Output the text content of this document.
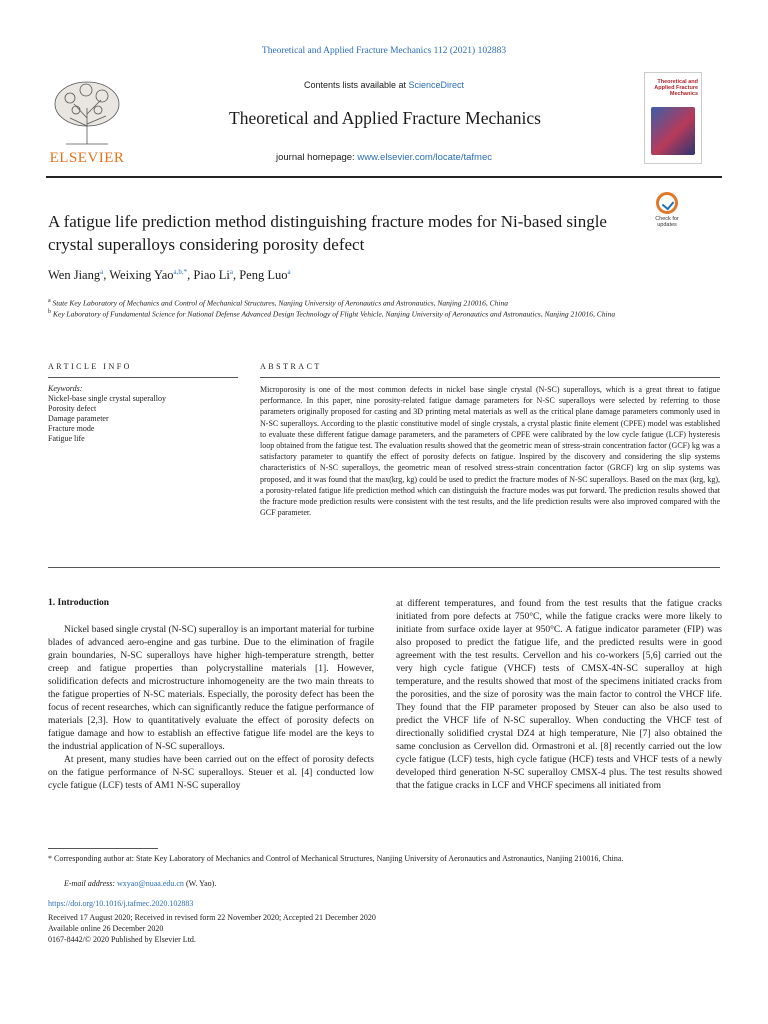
Theoretical and Applied Fracture Mechanics 112 (2021) 102883
ELSEVIER
Contents lists available at ScienceDirect
Theoretical and Applied Fracture Mechanics
journal homepage: www.elsevier.com/locate/tafmec
Theoretical and Applied Fracture Mechanics
A fatigue life prediction method distinguishing fracture modes for Ni-based single crystal superalloys considering porosity defect
Check for updates
Wen Jiang$^a$, Weixing Yao$^{a,b,*}$, Piao Li$^a$, Peng Luo$^a$
$^a$ State Key Laboratory of Mechanics and Control of Mechanical Structures, Nanjing University of Aeronautics and Astronautics, Nanjing 210016, China
$^b$ Key Laboratory of Fundamental Science for National Defense Advanced Design Technology of Flight Vehicle, Nanjing University of Aeronautics and Astronautics, Nanjing 210016, China
ARTICLE INFO	ABSTRACT
Keywords:
Nickel-base single crystal superalloy
Porosity defect
Damage parameter
Fracture mode
Fatigue life
Microporosity is one of the most common defects in nickel base single crystal (N-SC) superalloys, which is a great threat to fatigue performance. In this paper, nine porosity-related fatigue damage parameters for N-SC superalloys were selected by referring to those parameters originally proposed for casting and 3D printing metal materials as well as the critical plane damage parameters commonly used in N-SC superalloys. According to the plastic constitutive model of single crystals, a crystal plastic finite element (CPFE) model was established to evaluate these different fatigue damage parameters, and the parameters of CPFE were calibrated by the low cycle fatigue (LCF) hysteresis loop obtained from the fatigue test. The evaluation results showed that the geometric mean of stress-strain concentration factor (GCF) kg was a satisfactory parameter to quantify the effect of porosity defects on fatigue. Inspired by the discovery and considering the slip systems characteristics of N-SC superalloys, the geometric mean of resolved stress-strain concentration factor (GRCF) krg on slip systems was proposed, and it was found that the max(krg, kg) could be used to predict the fracture modes of N-SC superalloys. Based on the max (krg, kg), a porosity-related fatigue life prediction method which can distinguish the fracture modes was put forward. The prediction results showed that the fracture mode prediction results were consistent with the test results, and the life prediction results were also improved compared with the GCF parameter.
1. Introduction

Nickel based single crystal (N-SC) superalloy is an important material for turbine blades of advanced aero-engine and gas turbine. Due to the elimination of fragile grain boundaries, N-SC superalloys have higher high-temperature strength, better creep and fatigue properties than polycrystalline materials [1]. However, solidification defects and microstructure inhomogeneity are the two main threats to the fatigue properties of N-SC materials. Especially, the porosity defect has been the focus of recent researches, which can significantly reduce the fatigue performance of materials [2,3]. How to quantitatively evaluate the effect of porosity defects on fatigue damage and how to establish an effective fatigue life model are the keys to the industrial application of N-SC superalloys.

At present, many studies have been carried out on the effect of porosity defects on the fatigue performance of N-SC superalloys. Steuer et al. [4] conducted low cycle fatigue (LCF) tests of AM1 N-SC superalloy

at different temperatures, and found from the test results that the fatigue cracks initiated from pore defects at 750°C, while the fatigue cracks were more likely to initiate from surface oxide layer at 950°C. A fatigue indicator parameter (FIP) was also proposed to predict the fatigue life, and the predicted results were in good agreement with the test results. Cervellon and his co-workers [5,6] carried out the very high cycle fatigue (VHCF) tests of CMSX-4N-SC superalloy at high temperature, and the results showed that most of the specimens initiated cracks from the porosities, and the size of porosity was the main factor to control the VHCF life. They found that the FIP parameter proposed by Steuer can also be also used to predict the VHCF life of N-SC superalloy. When conducting the VHCF test of directionally solidified crystal DZ4 at high temperature, Nie [7] also obtained the same conclusion as Cervellon did. Ormastroni et al. [8] recently carried out the low cycle fatigue (LCF) tests, high cycle fatigue (HCF) tests and VHCF tests of a newly developed third generation N-SC superalloy CMSX-4 plus. The test results showed that the fatigue cracks in LCF and VHCF specimens all initiated from

* Corresponding author at: State Key Laboratory of Mechanics and Control of Mechanical Structures, Nanjing University of Aeronautics and Astronautics, Nanjing 210016, China.
E-mail address: wxyao@nuaa.edu.cn (W. Yao).
https://doi.org/10.1016/j.tafmec.2020.102883
Received 17 August 2020; Received in revised form 22 November 2020; Accepted 21 December 2020
Available online 26 December 2020
0167-8442/© 2020 Published by Elsevier Ltd.
